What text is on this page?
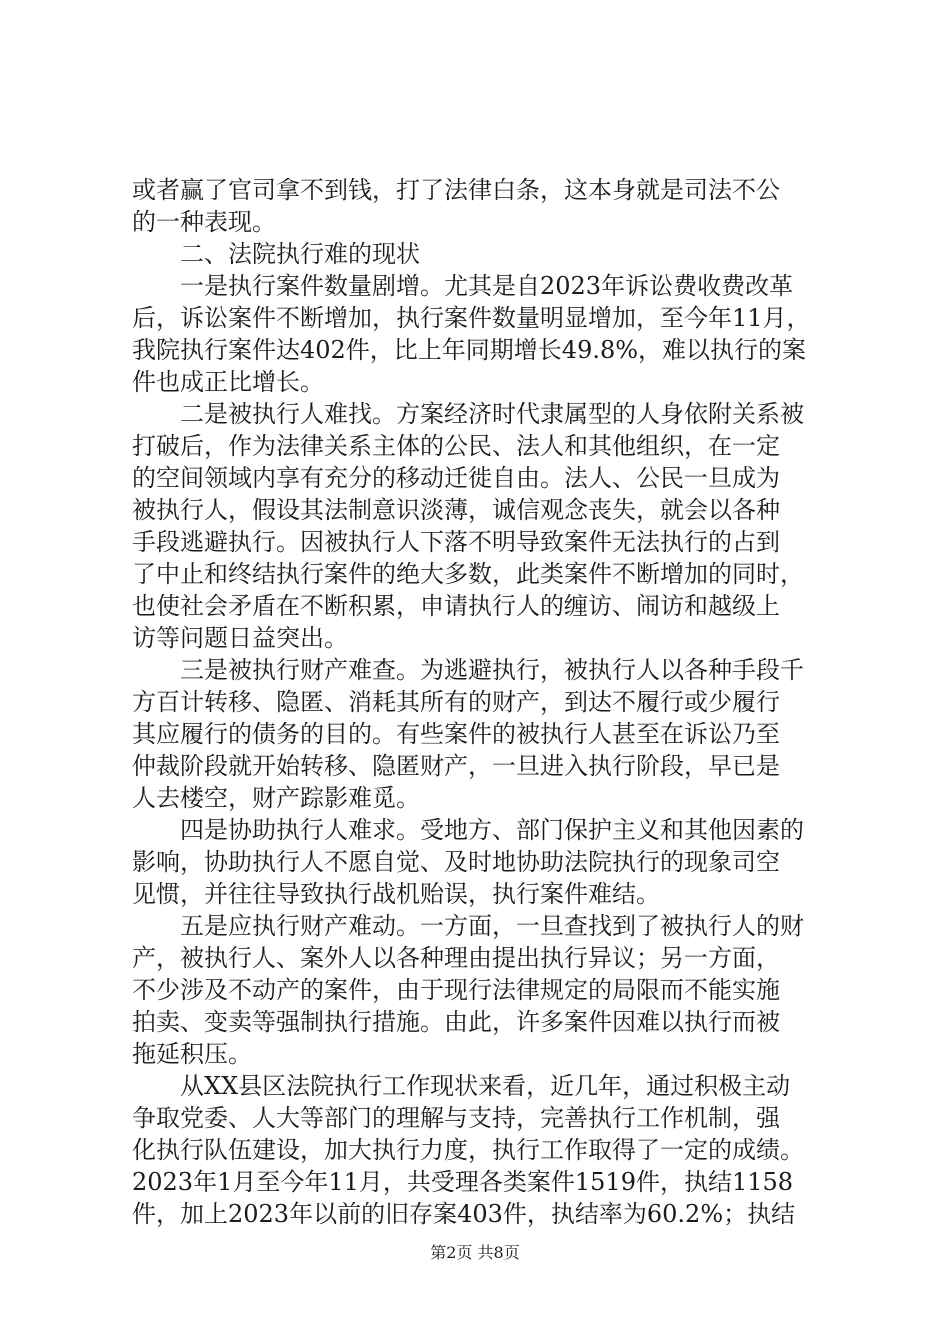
或者赢了官司拿不到钱，打了法律白条，这本身就是司法不公
的一种表现。
二、法院执行难的现状
一是执行案件数量剧增。尤其是自2023年诉讼费收费改革
后，诉讼案件不断增加，执行案件数量明显增加，至今年11月，
我院执行案件达402件，比上年同期增长49.8%，难以执行的案
件也成正比增长。
二是被执行人难找。方案经济时代隶属型的人身依附关系被
打破后，作为法律关系主体的公民、法人和其他组织，在一定
的空间领域内享有充分的移动迁徙自由。法人、公民一旦成为
被执行人，假设其法制意识淡薄，诚信观念丧失，就会以各种
手段逃避执行。因被执行人下落不明导致案件无法执行的占到
了中止和终结执行案件的绝大多数，此类案件不断增加的同时，
也使社会矛盾在不断积累，申请执行人的缠访、闹访和越级上
访等问题日益突出。
三是被执行财产难查。为逃避执行，被执行人以各种手段千
方百计转移、隐匿、消耗其所有的财产，到达不履行或少履行
其应履行的债务的目的。有些案件的被执行人甚至在诉讼乃至
仲裁阶段就开始转移、隐匿财产，一旦进入执行阶段，早已是
人去楼空，财产踪影难觅。
四是协助执行人难求。受地方、部门保护主义和其他因素的
影响，协助执行人不愿自觉、及时地协助法院执行的现象司空
见惯，并往往导致执行战机贻误，执行案件难结。
五是应执行财产难动。一方面，一旦查找到了被执行人的财
产，被执行人、案外人以各种理由提出执行异议；另一方面，
不少涉及不动产的案件，由于现行法律规定的局限而不能实施
拍卖、变卖等强制执行措施。由此，许多案件因难以执行而被
拖延积压。
从XX县区法院执行工作现状来看，近几年，通过积极主动
争取党委、人大等部门的理解与支持，完善执行工作机制，强
化执行队伍建设，加大执行力度，执行工作取得了一定的成绩。
2023年1月至今年11月，共受理各类案件1519件，执结1158
件，加上2023年以前的旧存案403件，执结率为60.2%；执结
第2页 共8页
